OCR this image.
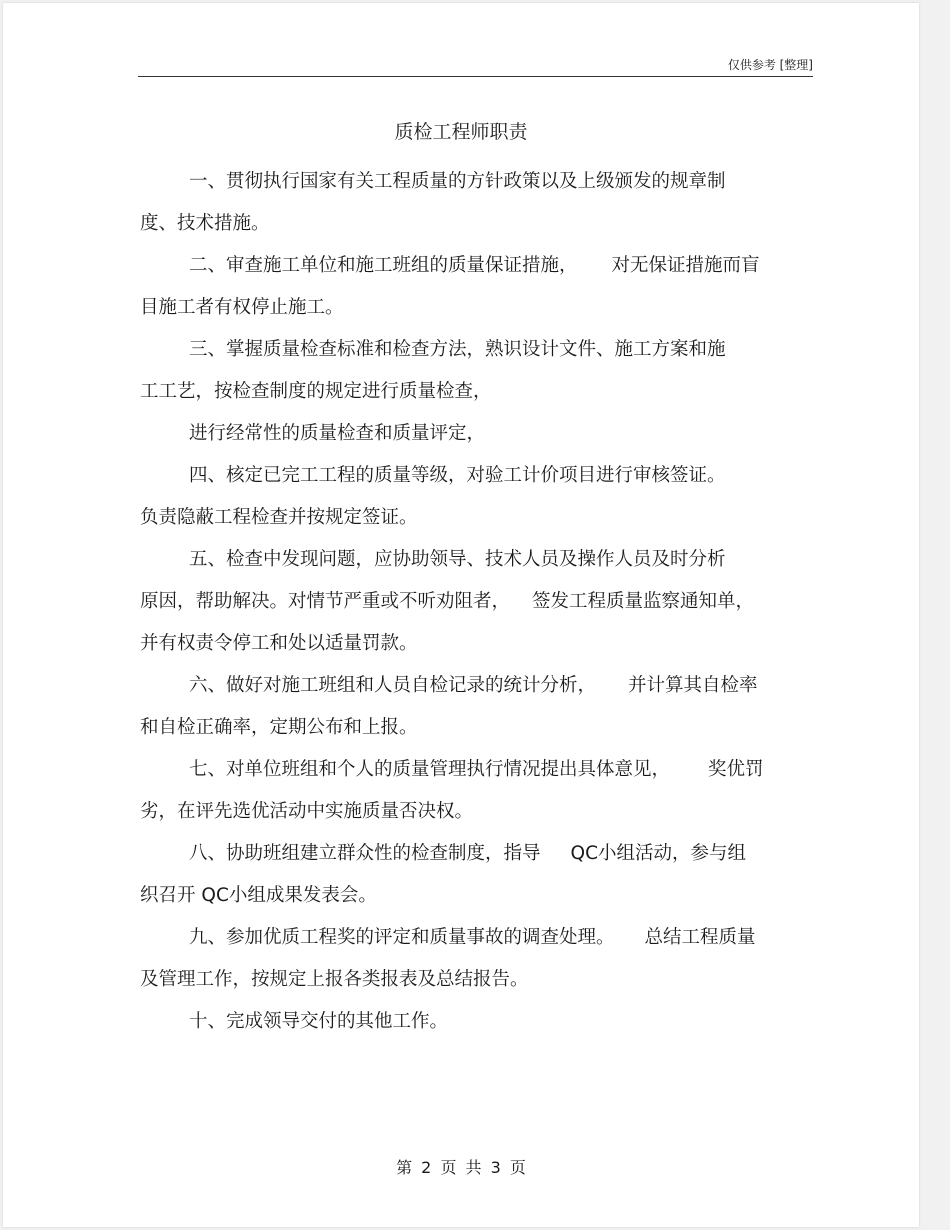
仅供参考 [整理]
质检工程师职责

一、贯彻执行国家有关工程质量的方针政策以及上级颁发的规章制

度、技术措施。

二、审查施工单位和施工班组的质量保证措施， 对无保证措施而盲

目施工者有权停止施工。

三、掌握质量检查标准和检查方法，熟识设计文件、施工方案和施

工工艺，按检查制度的规定进行质量检查，

进行经常性的质量检查和质量评定，

四、核定已完工工程的质量等级，对验工计价项目进行审核签证。

负责隐蔽工程检查并按规定签证。

五、检查中发现问题，应协助领导、技术人员及操作人员及时分析

原因，帮助解决。对情节严重或不听劝阻者， 签发工程质量监察通知单，

并有权责令停工和处以适量罚款。

六、做好对施工班组和人员自检记录的统计分析， 并计算其自检率

和自检正确率，定期公布和上报。

七、对单位班组和个人的质量管理执行情况提出具体意见， 奖优罚

劣，在评先选优活动中实施质量否决权。

八、协助班组建立群众性的检查制度，指导 QC小组活动，参与组

织召开 QC小组成果发表会。

九、参加优质工程奖的评定和质量事故的调查处理。 总结工程质量

及管理工作，按规定上报各类报表及总结报告。

十、完成领导交付的其他工作。

第 2 页 共 3 页
